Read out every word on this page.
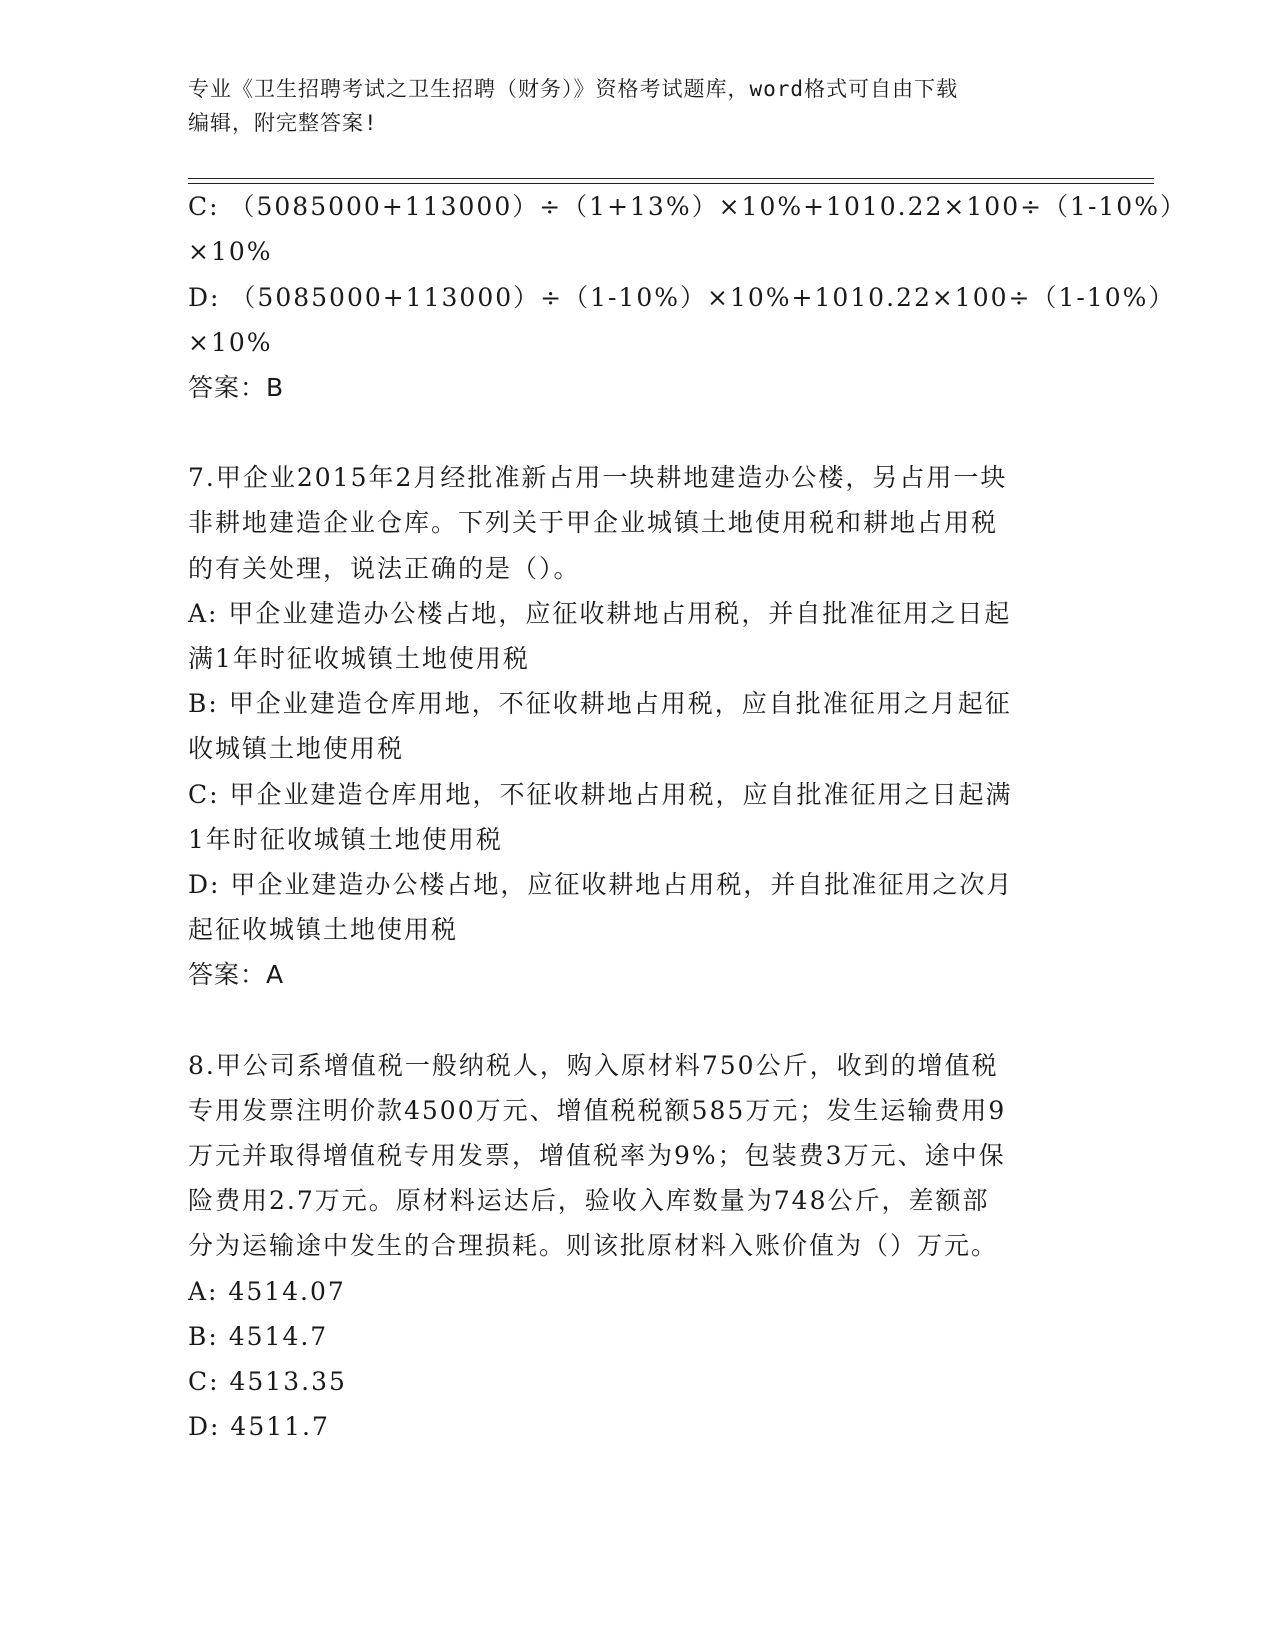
专业《卫生招聘考试之卫生招聘（财务）》资格考试题库，word格式可自由下载
编辑，附完整答案!
C: （5085000+113000）÷（1+13%）×10%+1010.22×100÷（1-10%）
×10%
D: （5085000+113000）÷（1-10%）×10%+1010.22×100÷（1-10%）
×10%
答案：B
7.甲企业2015年2月经批准新占用一块耕地建造办公楼，另占用一块
非耕地建造企业仓库。下列关于甲企业城镇土地使用税和耕地占用税
的有关处理，说法正确的是（）。
A: 甲企业建造办公楼占地，应征收耕地占用税，并自批准征用之日起
满1年时征收城镇土地使用税
B: 甲企业建造仓库用地，不征收耕地占用税，应自批准征用之月起征
收城镇土地使用税
C: 甲企业建造仓库用地，不征收耕地占用税，应自批准征用之日起满
1年时征收城镇土地使用税
D: 甲企业建造办公楼占地，应征收耕地占用税，并自批准征用之次月
起征收城镇土地使用税
答案：A
8.甲公司系增值税一般纳税人，购入原材料750公斤，收到的增值税
专用发票注明价款4500万元、增值税税额585万元；发生运输费用9
万元并取得增值税专用发票，增值税率为9%；包装费3万元、途中保
险费用2.7万元。原材料运达后，验收入库数量为748公斤，差额部
分为运输途中发生的合理损耗。则该批原材料入账价值为（）万元。
A: 4514.07
B: 4514.7
C: 4513.35
D: 4511.7
